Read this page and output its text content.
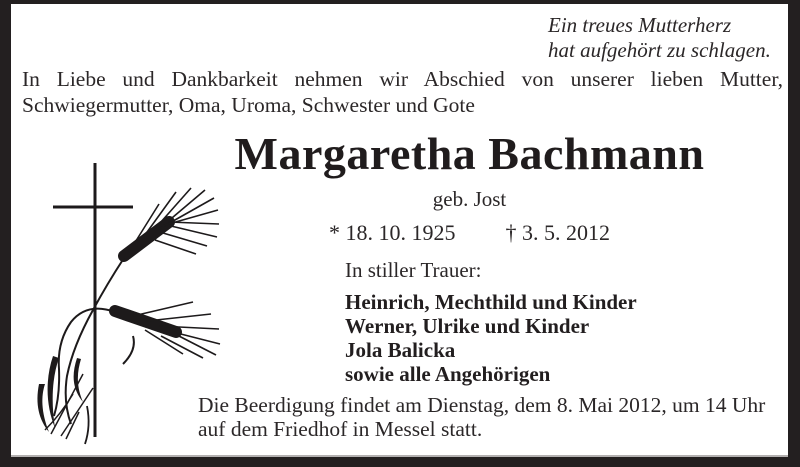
Ein treues Mutterherz
hat aufgehört zu schlagen.
In Liebe und Dankbarkeit nehmen wir Abschied von unserer lieben Mutter,
Schwiegermutter, Oma, Uroma, Schwester und Gote
Margaretha Bachmann
geb. Jost
* 18. 10. 1925 † 3. 5. 2012
In stiller Trauer:
Heinrich, Mechthild und Kinder
Werner, Ulrike und Kinder
Jola Balicka
sowie alle Angehörigen
Die Beerdigung findet am Dienstag, dem 8. Mai 2012, um 14 Uhr
auf dem Friedhof in Messel statt.
